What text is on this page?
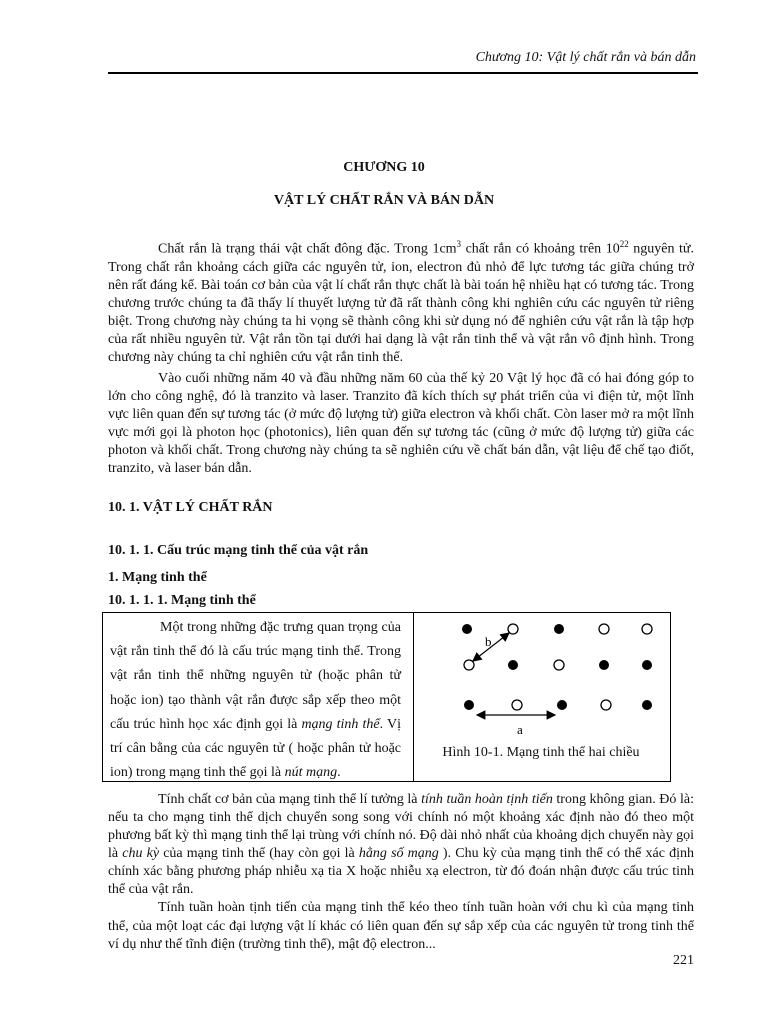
Chương 10: Vật lý chất rắn và bán dẫn
CHƯƠNG 10
VẬT LÝ CHẤT RẮN VÀ BÁN DẪN

Chất rắn là trạng thái vật chất đông đặc. Trong $1cm^3$ chất rắn có khoảng trên $10^{22}$ nguyên tử. Trong chất rắn khoảng cách giữa các nguyên tử, ion, electron đủ nhỏ để lực tương tác giữa chúng trở nên rất đáng kể. Bài toán cơ bản của vật lí chất rắn thực chất là bài toán hệ nhiều hạt có tương tác. Trong chương trước chúng ta đã thấy lí thuyết lượng tử đã rất thành công khi nghiên cứu các nguyên tử riêng biệt. Trong chương này chúng ta hi vọng sẽ thành công khi sử dụng nó để nghiên cứu vật rắn là tập hợp của rất nhiều nguyên tử. Vật rắn tồn tại dưới hai dạng là vật rắn tinh thể và vật rắn vô định hình. Trong chương này chúng ta chỉ nghiên cứu vật rắn tinh thể.

Vào cuối những năm 40 và đầu những năm 60 của thế kỷ 20 Vật lý học đã có hai đóng góp to lớn cho công nghệ, đó là tranzito và laser. Tranzito đã kích thích sự phát triển của vi điện tử, một lĩnh vực liên quan đến sự tương tác (ở mức độ lượng tử) giữa electron và khối chất. Còn laser mở ra một lĩnh vực mới gọi là photon học (photonics), liên quan đến sự tương tác (cũng ở mức độ lượng tử) giữa các photon và khối chất. Trong chương này chúng ta sẽ nghiên cứu về chất bán dẫn, vật liệu để chế tạo điốt, tranzito, và laser bán dẫn.

10. 1. VẬT LÝ CHẤT RẮN
10. 1. 1. Cấu trúc mạng tinh thể của vật rắn
1. Mạng tinh thể
10. 1. 1. 1. Mạng tinh thể

Một trong những đặc trưng quan trọng của vật rắn tinh thể đó là cấu trúc mạng tinh thể. Trong vật rắn tinh thể những nguyên tử (hoặc phân tử hoặc ion) tạo thành vật rắn được sắp xếp theo một cấu trúc hình học xác định gọi là mạng tinh thể. Vị trí cân bằng của các nguyên tử ( hoặc phân tử hoặc ion) trong mạng tinh thể gọi là nút mạng.

b
a
Hình 10-1. Mạng tinh thể hai chiều

Tính chất cơ bản của mạng tinh thể lí tưởng là tính tuần hoàn tịnh tiến trong không gian. Đó là: nếu ta cho mạng tinh thể dịch chuyển song song với chính nó một khoảng xác định nào đó theo một phương bất kỳ thì mạng tinh thể lại trùng với chính nó. Độ dài nhỏ nhất của khoảng dịch chuyển này gọi là chu kỳ của mạng tinh thể (hay còn gọi là hằng số mạng ). Chu kỳ của mạng tinh thể có thể xác định chính xác bằng phương pháp nhiễu xạ tia X hoặc nhiễu xạ electron, từ đó đoán nhận được cấu trúc tinh thể của vật rắn.

Tính tuần hoàn tịnh tiến của mạng tinh thể kéo theo tính tuần hoàn với chu kì của mạng tinh thể, của một loạt các đại lượng vật lí khác có liên quan đến sự sắp xếp của các nguyên tử trong tinh thể ví dụ như thế tĩnh điện (trường tinh thể), mật độ electron...

221
